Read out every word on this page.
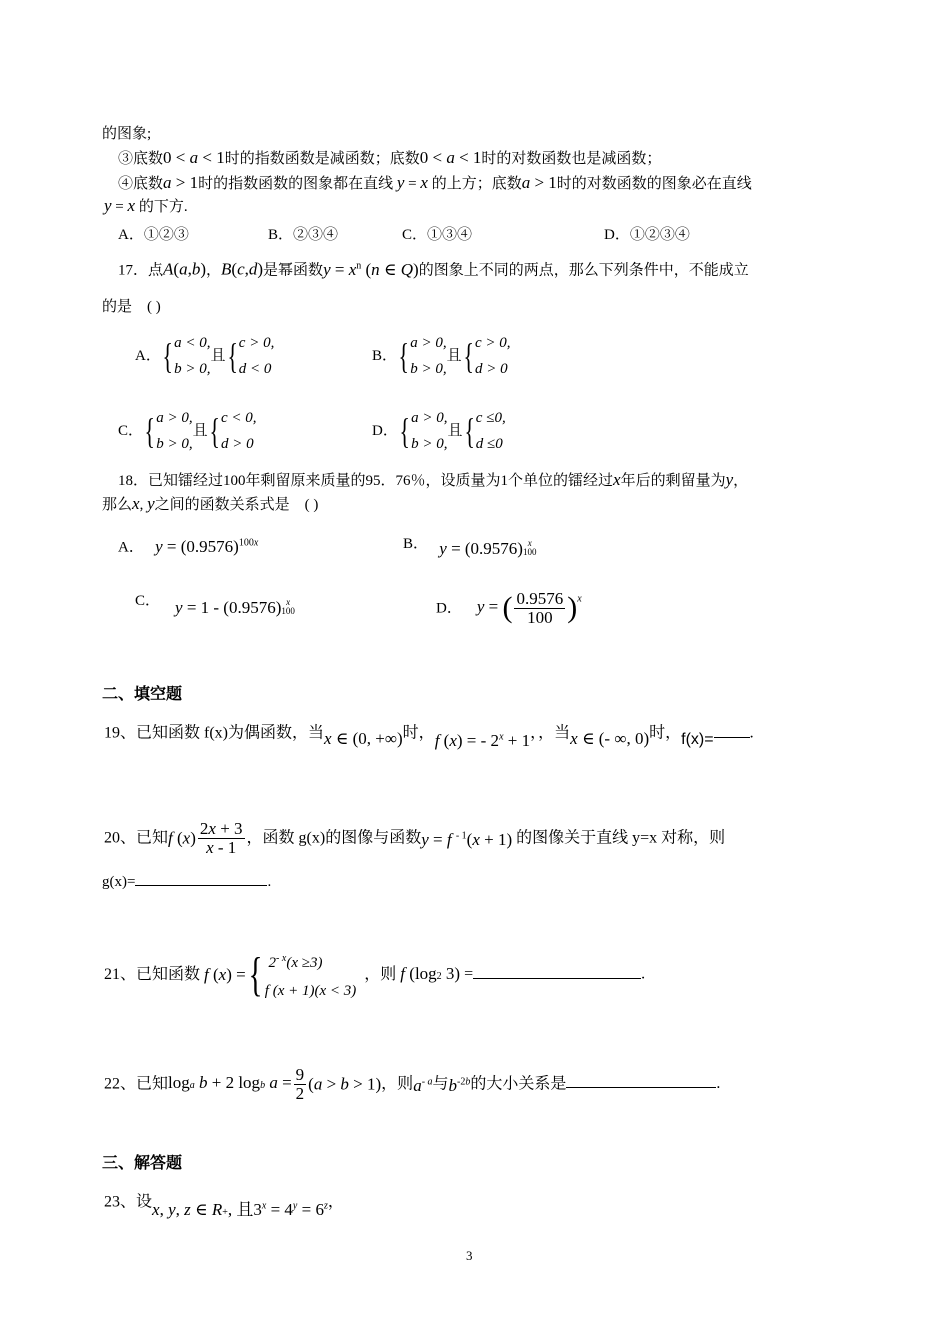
的图象;
③底数0 < a < 1时的指数函数是减函数；底数0 < a < 1时的对数函数也是减函数；
④底数a > 1时的指数函数的图象都在直线 y = x 的上方；底数a > 1时的对数函数的图象必在直线
y = x 的下方.
A．①②③	B．②③④	C．①③④	D．①②③④
17．点A(a,b)，B(c,d)是幂函数$y = x^n$ (n ∈ Q)的图象上不同的两点，那么下列条件中，不能成立
的是　( )
A．{a < 0,
b > 0,且{c > 0,
d < 0
B．{a > 0,
b > 0,且{c > 0,
d > 0
C．{a > 0,
b > 0,且{c < 0,
d > 0
D．{a > 0,
b > 0,且{c ≤0,
d ≤0
18．已知镭经过100年剩留原来质量的95．76％，设质量为1个单位的镭经过x年后的剩留量为y，
那么x, y之间的函数关系式是　( )
A． $y = (0.9576)^{100x}$	B． y = (0.9576) x
100
C． y = 1 - (0.9576) x
100	D． y = ( $\frac{0.9576}{100} )^x$
二、填空题
19、已知函数 f(x)为偶函数，当x ∈ (0, +∞)时，f (x) = - $2^x + 1$，，当x ∈ (- ∞, 0)时，f(x)= .
20、已知f $(x) \frac{2x + 3}{x - 1}$ ，函数 g(x)的图像与函数y = f $^{- 1}$(x + 1) 的图像关于直线 y=x 对称，则
g(x)=	.
21、已知函数 f (x) ={ $2^{- x}(x \ge 3)$
f (x + 1)(x < 3)  ，则 f (log2 3) =	.
22、已知loga b + 2 logb $a = \frac{9}{2} (a > b > 1)$，则$a^{- a}$与$b^{-2b}$的大小关系是	.
三、解答题
23、设x, y, z ∈ R+, 且$3^x = 4^y = 6^z$，
3
